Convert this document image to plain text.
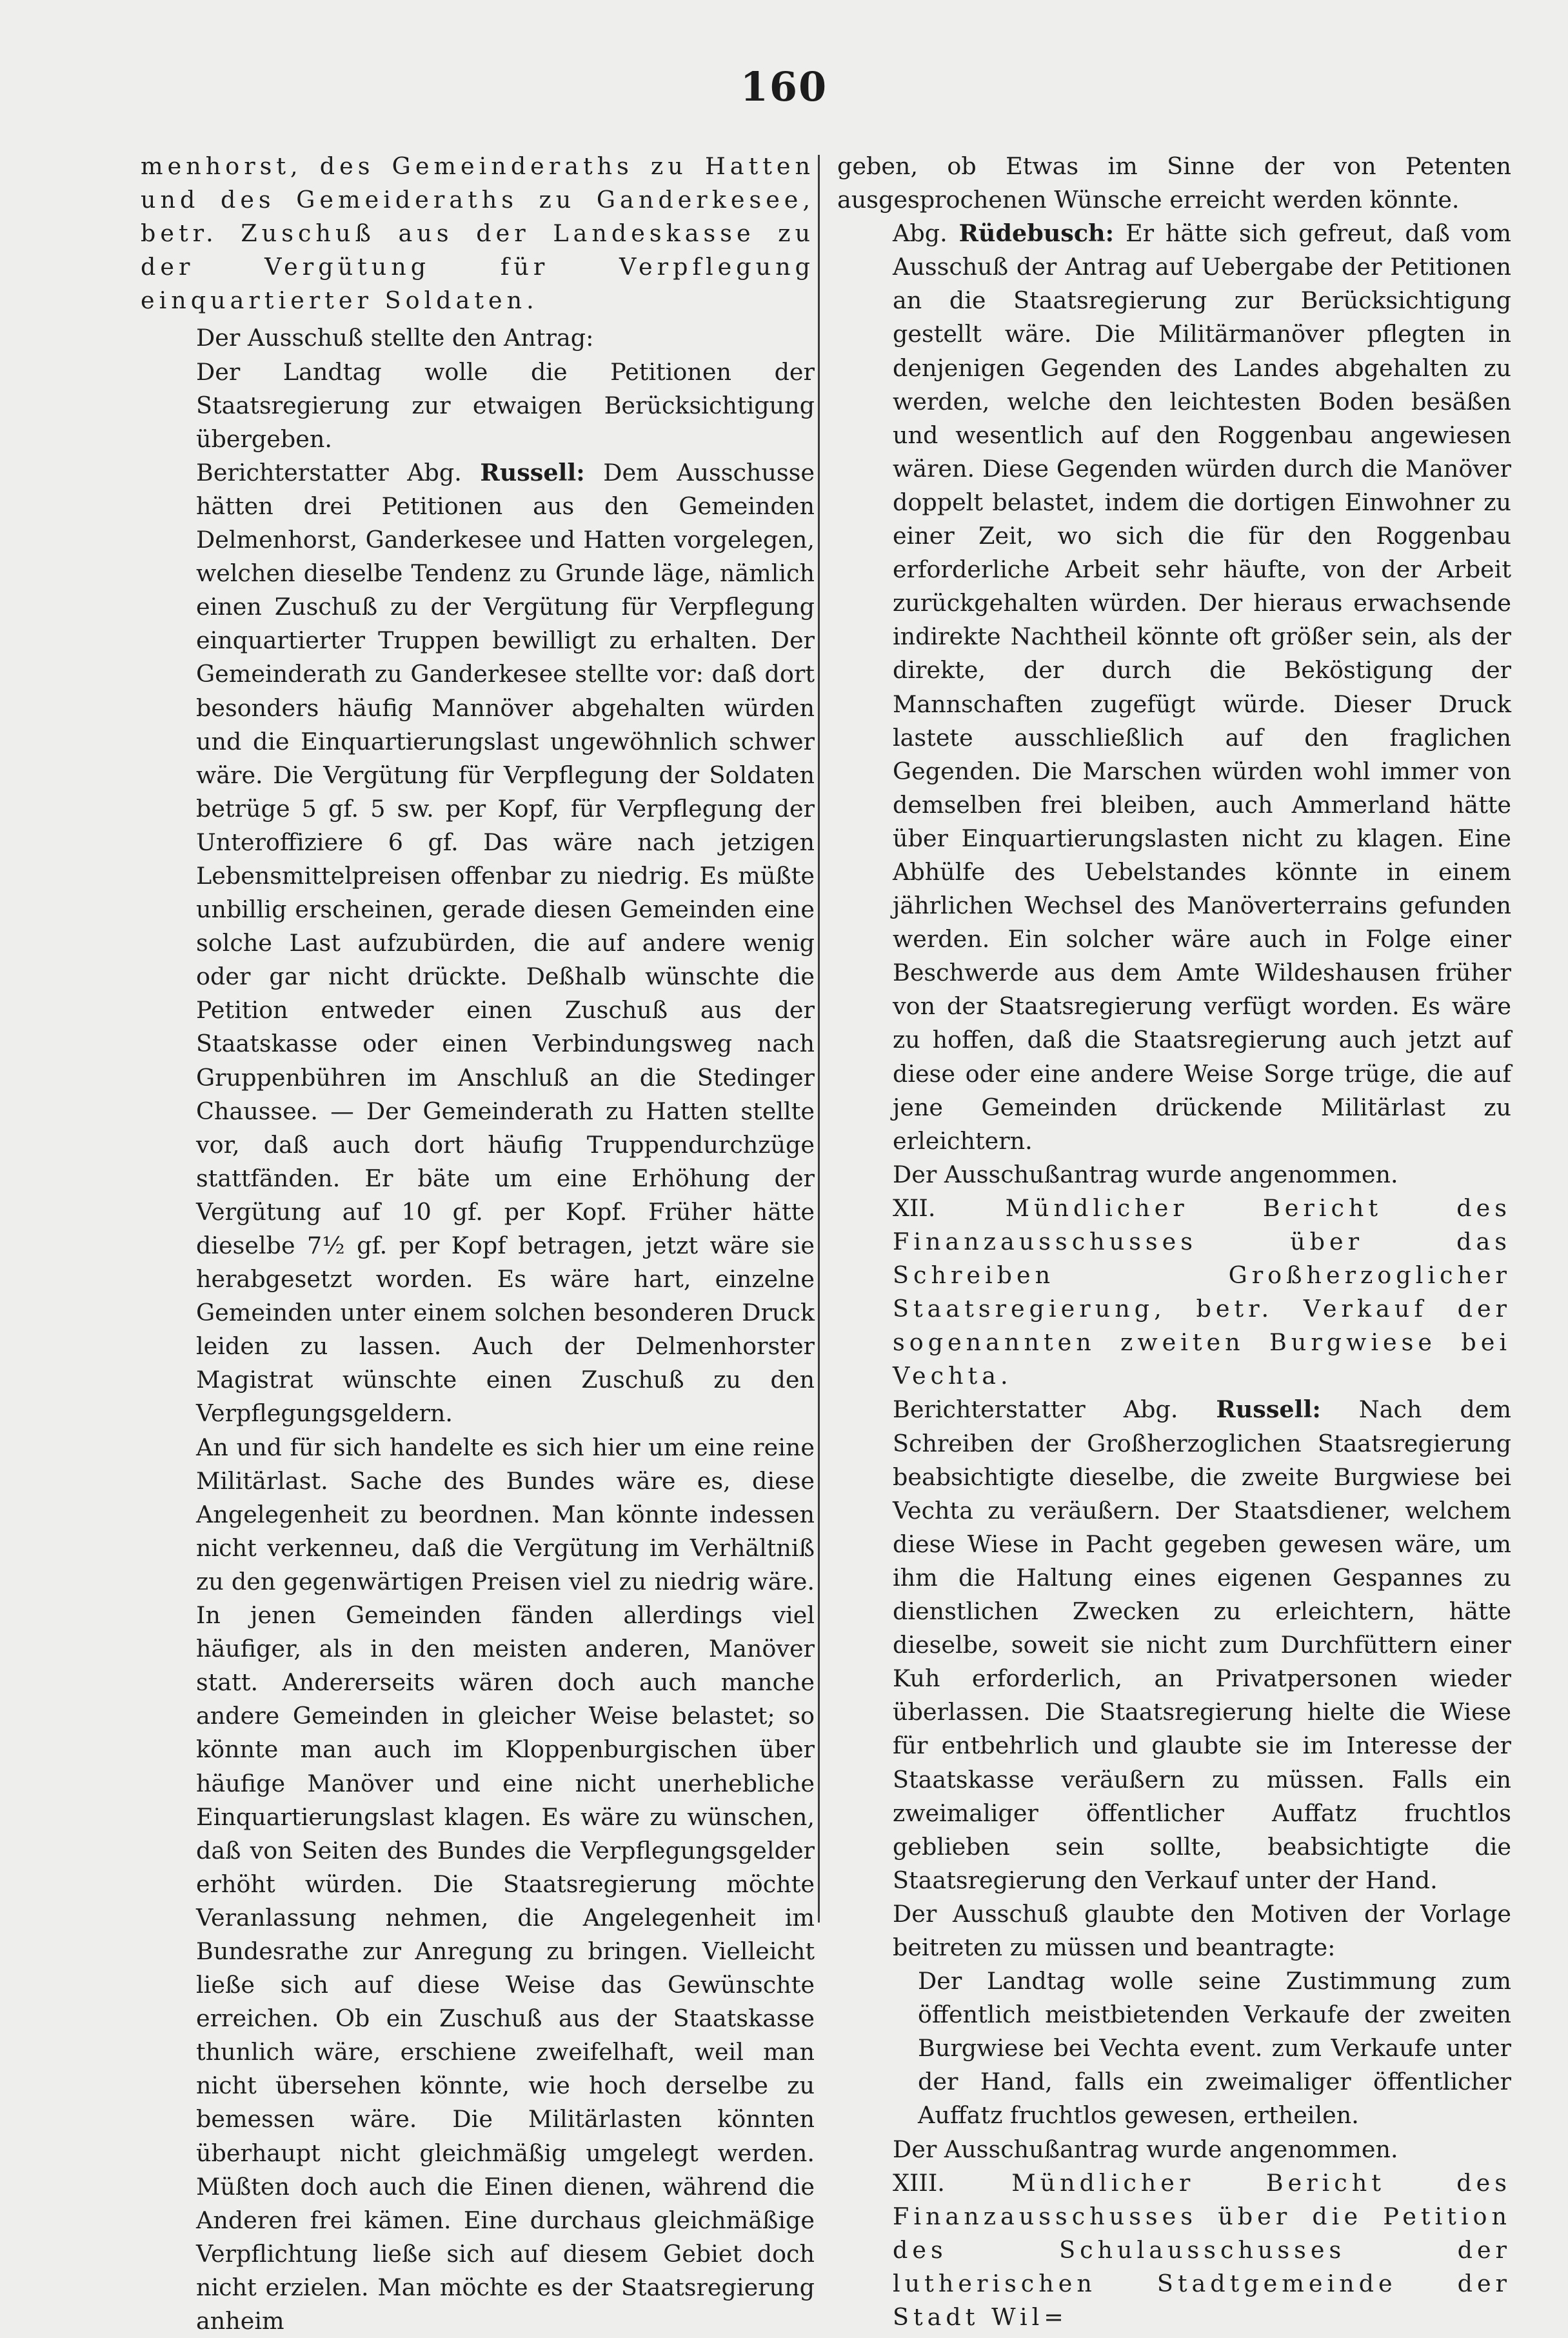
160

menhorst, des Gemeinderaths zu Hatten und des Gemeideraths zu Ganderkesee, betr. Zuschuß aus der Landeskasse zu der Vergütung für Verpflegung einquartierter Soldaten.

Der Ausschuß stellte den Antrag:

Der Landtag wolle die Petitionen der Staatsregierung zur etwaigen Berücksichtigung übergeben.

Berichterstatter Abg. Russell: Dem Ausschusse hätten drei Petitionen aus den Gemeinden Delmenhorst, Ganderkesee und Hatten vorgelegen, welchen dieselbe Tendenz zu Grunde läge, nämlich einen Zuschuß zu der Vergütung für Verpflegung einquartierter Truppen bewilligt zu erhalten. Der Gemeinderath zu Ganderkesee stellte vor: daß dort besonders häufig Mannöver abgehalten würden und die Einquartierungslast ungewöhnlich schwer wäre. Die Vergütung für Verpflegung der Soldaten betrüge 5 gf. 5 sw. per Kopf, für Verpflegung der Unteroffiziere 6 gf. Das wäre nach jetzigen Lebensmittelpreisen offenbar zu niedrig. Es müßte unbillig erscheinen, gerade diesen Gemeinden eine solche Last aufzubürden, die auf andere wenig oder gar nicht drückte. Deßhalb wünschte die Petition entweder einen Zuschuß aus der Staatskasse oder einen Verbindungsweg nach Gruppenbühren im Anschluß an die Stedinger Chaussee. — Der Gemeinderath zu Hatten stellte vor, daß auch dort häufig Truppendurchzüge stattfänden. Er bäte um eine Erhöhung der Vergütung auf 10 gf. per Kopf. Früher hätte dieselbe 7½ gf. per Kopf betragen, jetzt wäre sie herabgesetzt worden. Es wäre hart, einzelne Gemeinden unter einem solchen besonderen Druck leiden zu lassen. Auch der Delmenhorster Magistrat wünschte einen Zuschuß zu den Verpflegungsgeldern.

An und für sich handelte es sich hier um eine reine Militärlast. Sache des Bundes wäre es, diese Angelegenheit zu beordnen. Man könnte indessen nicht verkenneu, daß die Vergütung im Verhältniß zu den gegenwärtigen Preisen viel zu niedrig wäre. In jenen Gemeinden fänden allerdings viel häufiger, als in den meisten anderen, Manöver statt. Andererseits wären doch auch manche andere Gemeinden in gleicher Weise belastet; so könnte man auch im Kloppenburgischen über häufige Manöver und eine nicht unerhebliche Einquartierungslast klagen. Es wäre zu wünschen, daß von Seiten des Bundes die Verpflegungsgelder erhöht würden. Die Staatsregierung möchte Veranlassung nehmen, die Angelegenheit im Bundesrathe zur Anregung zu bringen. Vielleicht ließe sich auf diese Weise das Gewünschte erreichen. Ob ein Zuschuß aus der Staatskasse thunlich wäre, erschiene zweifelhaft, weil man nicht übersehen könnte, wie hoch derselbe zu bemessen wäre. Die Militärlasten könnten überhaupt nicht gleichmäßig umgelegt werden. Müßten doch auch die Einen dienen, während die Anderen frei kämen. Eine durchaus gleichmäßige Verpflichtung ließe sich auf diesem Gebiet doch nicht erzielen. Man möchte es der Staatsregierung anheim

geben, ob Etwas im Sinne der von Petenten ausgesprochenen Wünsche erreicht werden könnte.

Abg. Rüdebusch: Er hätte sich gefreut, daß vom Ausschuß der Antrag auf Uebergabe der Petitionen an die Staatsregierung zur Berücksichtigung gestellt wäre. Die Militärmanöver pflegten in denjenigen Gegenden des Landes abgehalten zu werden, welche den leichtesten Boden besäßen und wesentlich auf den Roggenbau angewiesen wären. Diese Gegenden würden durch die Manöver doppelt belastet, indem die dortigen Einwohner zu einer Zeit, wo sich die für den Roggenbau erforderliche Arbeit sehr häufte, von der Arbeit zurückgehalten würden. Der hieraus erwachsende indirekte Nachtheil könnte oft größer sein, als der direkte, der durch die Beköstigung der Mannschaften zugefügt würde. Dieser Druck lastete ausschließlich auf den fraglichen Gegenden. Die Marschen würden wohl immer von demselben frei bleiben, auch Ammerland hätte über Einquartierungslasten nicht zu klagen. Eine Abhülfe des Uebelstandes könnte in einem jährlichen Wechsel des Manöverterrains gefunden werden. Ein solcher wäre auch in Folge einer Beschwerde aus dem Amte Wildeshausen früher von der Staatsregierung verfügt worden. Es wäre zu hoffen, daß die Staatsregierung auch jetzt auf diese oder eine andere Weise Sorge trüge, die auf jene Gemeinden drückende Militärlast zu erleichtern.

Der Ausschußantrag wurde angenommen.

XII.	Mündlicher Bericht des Finanzausschusses über das Schreiben Großherzoglicher Staatsregierung, betr. Verkauf der sogenannten zweiten Burgwiese bei Vechta.

Berichterstatter Abg. Russell: Nach dem Schreiben der Großherzoglichen Staatsregierung beabsichtigte dieselbe, die zweite Burgwiese bei Vechta zu veräußern. Der Staatsdiener, welchem diese Wiese in Pacht gegeben gewesen wäre, um ihm die Haltung eines eigenen Gespannes zu dienstlichen Zwecken zu erleichtern, hätte dieselbe, soweit sie nicht zum Durchfüttern einer Kuh erforderlich, an Privatpersonen wieder überlassen. Die Staatsregierung hielte die Wiese für entbehrlich und glaubte sie im Interesse der Staatskasse veräußern zu müssen. Falls ein zweimaliger öffentlicher Auffatz fruchtlos geblieben sein sollte, beabsichtigte die Staatsregierung den Verkauf unter der Hand.

Der Ausschuß glaubte den Motiven der Vorlage beitreten zu müssen und beantragte:

Der Landtag wolle seine Zustimmung zum öffentlich meistbietenden Verkaufe der zweiten Burgwiese bei Vechta event. zum Verkaufe unter der Hand, falls ein zweimaliger öffentlicher Auffatz fruchtlos gewesen, ertheilen.

Der Ausschußantrag wurde angenommen.

XIII.	Mündlicher Bericht des Finanzausschusses über die Petition des Schulausschusses der lutherischen Stadtgemeinde der Stadt Wil=
